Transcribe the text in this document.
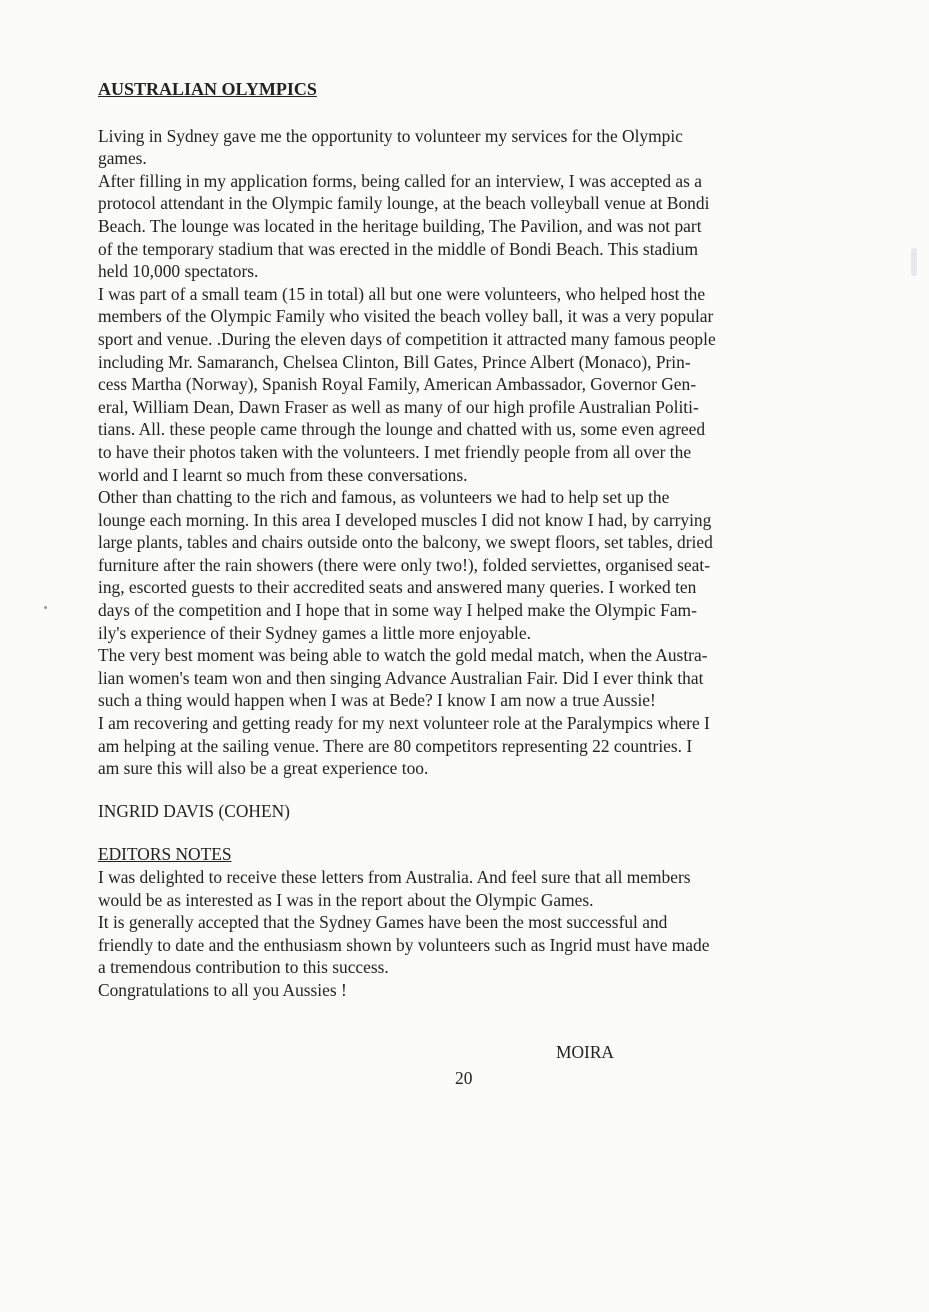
AUSTRALIAN OLYMPICS
Living in Sydney gave me the opportunity to volunteer my services for the Olympic
games.
After filling in my application forms, being called for an interview, I was accepted as a
protocol attendant in the Olympic family lounge, at the beach volleyball venue at Bondi
Beach. The lounge was located in the heritage building, The Pavilion, and was not part
of the temporary stadium that was erected in the middle of Bondi Beach. This stadium
held 10,000 spectators.
I was part of a small team (15 in total) all but one were volunteers, who helped host the
members of the Olympic Family who visited the beach volley ball, it was a very popular
sport and venue. .During the eleven days of competition it attracted many famous people
including Mr. Samaranch, Chelsea Clinton, Bill Gates, Prince Albert (Monaco), Prin-
cess Martha (Norway), Spanish Royal Family, American Ambassador, Governor Gen-
eral, William Dean, Dawn Fraser as well as many of our high profile Australian Politi-
tians. All. these people came through the lounge and chatted with us, some even agreed
to have their photos taken with the volunteers. I met friendly people from all over the
world and I learnt so much from these conversations.
Other than chatting to the rich and famous, as volunteers we had to help set up the
lounge each morning. In this area I developed muscles I did not know I had, by carrying
large plants, tables and chairs outside onto the balcony, we swept floors, set tables, dried
furniture after the rain showers (there were only two!), folded serviettes, organised seat-
ing, escorted guests to their accredited seats and answered many queries. I worked ten
days of the competition and I hope that in some way I helped make the Olympic Fam-
ily's experience of their Sydney games a little more enjoyable.
The very best moment was being able to watch the gold medal match, when the Austra-
lian women's team won and then singing Advance Australian Fair. Did I ever think that
such a thing would happen when I was at Bede? I know I am now a true Aussie!
I am recovering and getting ready for my next volunteer role at the Paralympics where I
am helping at the sailing venue. There are 80 competitors representing 22 countries. I
am sure this will also be a great experience too.
INGRID DAVIS (COHEN)
EDITORS NOTES
I was delighted to receive these letters from Australia. And feel sure that all members
would be as interested as I was in the report about the Olympic Games.
It is generally accepted that the Sydney Games have been the most successful and
friendly to date and the enthusiasm shown by volunteers such as Ingrid must have made
a tremendous contribution to this success.
Congratulations to all you Aussies !
MOIRA
20
